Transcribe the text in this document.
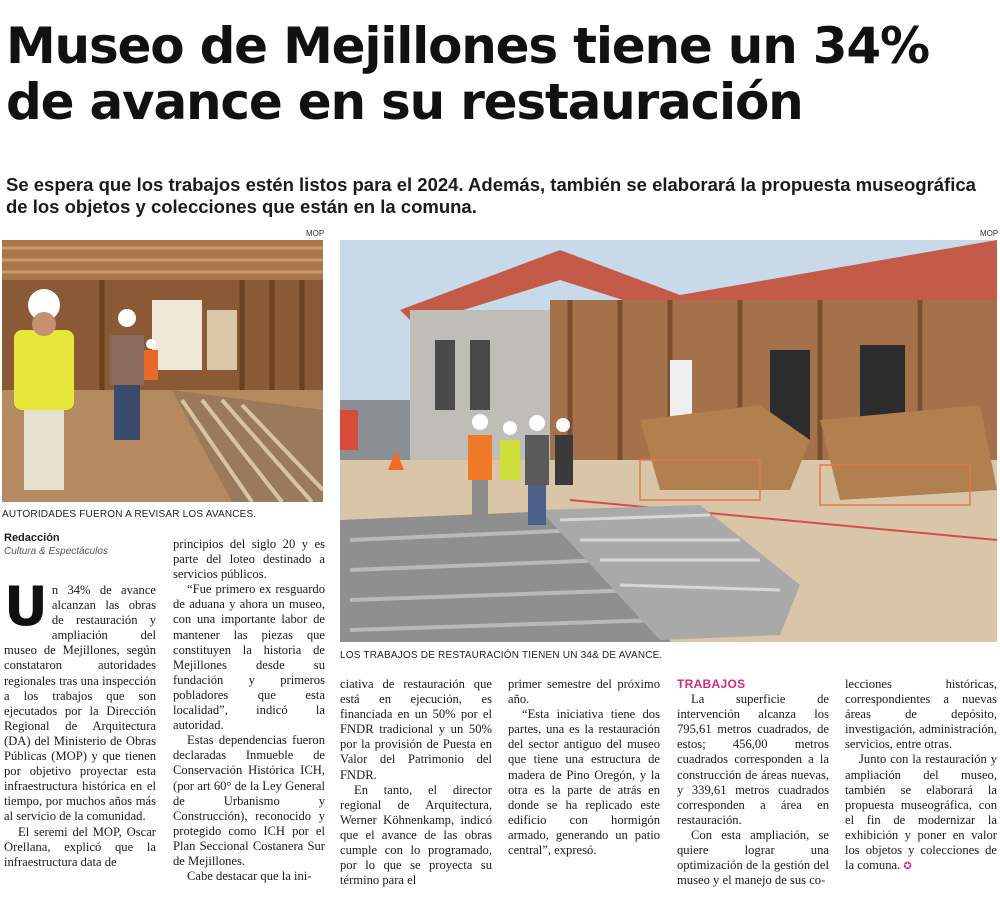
Museo de Mejillones tiene un 34% de avance en su restauración

Se espera que los trabajos estén listos para el 2024. Además, también se elaborará la propuesta museográfica de los objetos y colecciones que están en la comuna.

MOP
AUTORIDADES FUERON A REVISAR LOS AVANCES.
MOP
LOS TRABAJOS DE RESTAURACIÓN TIENEN UN 34& DE AVANCE.
Redacción
Cultura & Espectáculos
U n 34% de avance alcanzan las obras de restauración y ampliación del museo de Mejillones, según constataron autoridades regionales tras una inspección a los trabajos que son ejecutados por la Dirección Regional de Arquitectura (DA) del Ministerio de Obras Públicas (MOP) y que tienen por objetivo proyectar esta infraestructura histórica en el tiempo, por muchos años más al servicio de la comunidad.

El seremi del MOP, Oscar Orellana, explicó que la infraestructura data de

principios del siglo 20 y es parte del loteo destinado a servicios públicos.

“Fue primero ex resguardo de aduana y ahora un museo, con una importante labor de mantener las piezas que constituyen la historia de Mejillones desde su fundación y primeros pobladores que esta localidad”, indicó la autoridad.

Estas dependencias fueron declaradas Inmueble de Conservación Histórica ICH, (por art 60° de la Ley General de Urbanismo y Construcción), reconocido y protegido como ICH por el Plan Seccional Costanera Sur de Mejillones.

Cabe destacar que la ini-

ciativa de restauración que está en ejecución, es financiada en un 50% por el FNDR tradicional y un 50% por la provisión de Puesta en Valor del Patrimonio del FNDR.

En tanto, el director regional de Arquitectura, Werner Köhnenkamp, indicó que el avance de las obras cumple con lo programado, por lo que se proyecta su término para el

primer semestre del próximo año.

“Esta iniciativa tiene dos partes, una es la restauración del sector antiguo del museo que tiene una estructura de madera de Pino Oregón, y la otra es la parte de atrás en donde se ha replicado este edificio con hormigón armado, generando un patio central”, expresó.

TRABAJOS

La superficie de intervención alcanza los 795,61 metros cuadrados, de estos; 456,00 metros cuadrados corresponden a la construcción de áreas nuevas, y 339,61 metros cuadrados corresponden a área en restauración.

Con esta ampliación, se quiere lograr una optimización de la gestión del museo y el manejo de sus co-

lecciones históricas, correspondientes a nuevas áreas de depósito, investigación, administración, servicios, entre otras.

Junto con la restauración y ampliación del museo, también se elaborará la propuesta museográfica, con el fin de modernizar la exhibición y poner en valor los objetos y colecciones de la comuna. ✪
